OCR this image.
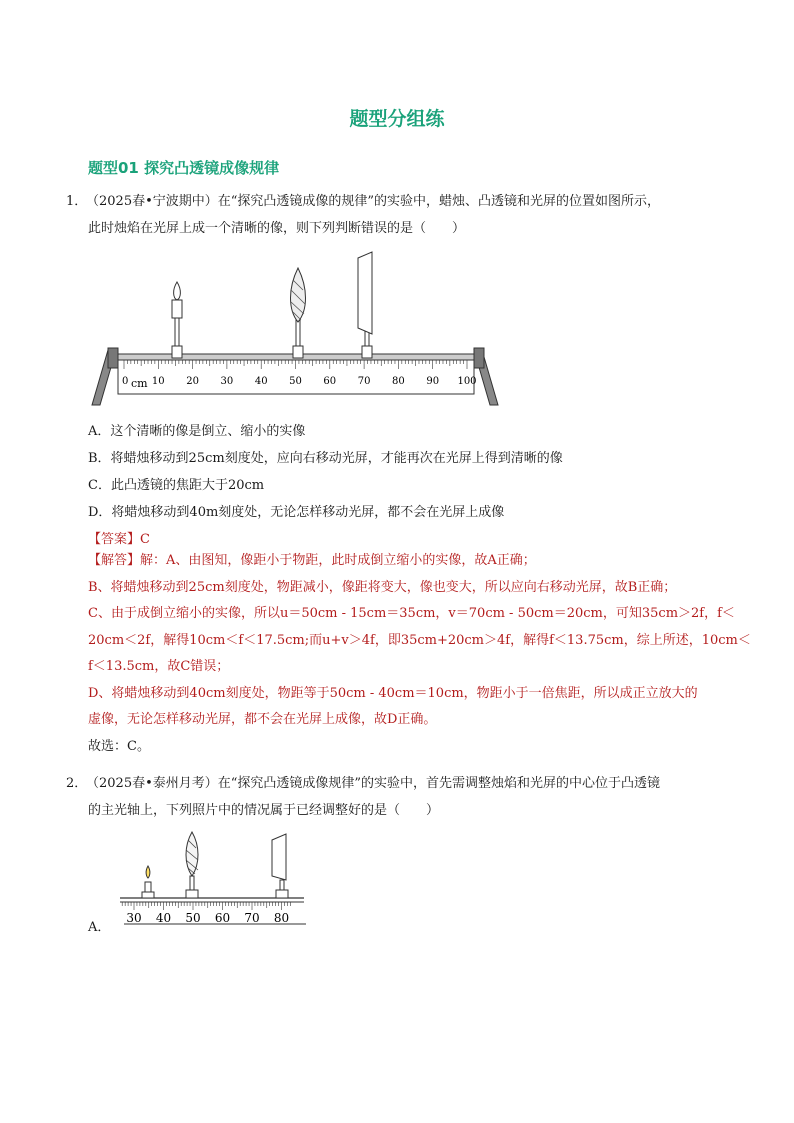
题型分组练
题型01 探究凸透镜成像规律
1．（2025春•宁波期中）在“探究凸透镜成像的规律”的实验中，蜡烛、凸透镜和光屏的位置如图所示，
此时烛焰在光屏上成一个清晰的像，则下列判断错误的是（　　）
0 10 20 30 40 50 60 70 80 90 100
cm
A．这个清晰的像是倒立、缩小的实像
B．将蜡烛移动到25cm刻度处，应向右移动光屏，才能再次在光屏上得到清晰的像
C．此凸透镜的焦距大于20cm
D．将蜡烛移动到40m刻度处，无论怎样移动光屏，都不会在光屏上成像
【答案】C
【解答】解：A、由图知，像距小于物距，此时成倒立缩小的实像，故A正确；
B、将蜡烛移动到25cm刻度处，物距减小，像距将变大，像也变大，所以应向右移动光屏，故B正确；
C、由于成倒立缩小的实像，所以u＝50cm - 15cm＝35cm，v＝70cm - 50cm＝20cm，可知35cm＞2f，f＜
20cm＜2f，解得10cm＜f＜17.5cm;而u+v＞4f，即35cm+20cm＞4f，解得f＜13.75cm，综上所述，10cm＜
f＜13.5cm，故C错误；
D、将蜡烛移动到40cm刻度处，物距等于50cm - 40cm＝10cm，物距小于一倍焦距，所以成正立放大的
虚像，无论怎样移动光屏，都不会在光屏上成像，故D正确。
故选：C。
2．（2025春•泰州月考）在“探究凸透镜成像规律”的实验中，首先需调整烛焰和光屏的中心位于凸透镜
的主光轴上，下列照片中的情况属于已经调整好的是（　　）
A．
30 40 50 60 70 80
